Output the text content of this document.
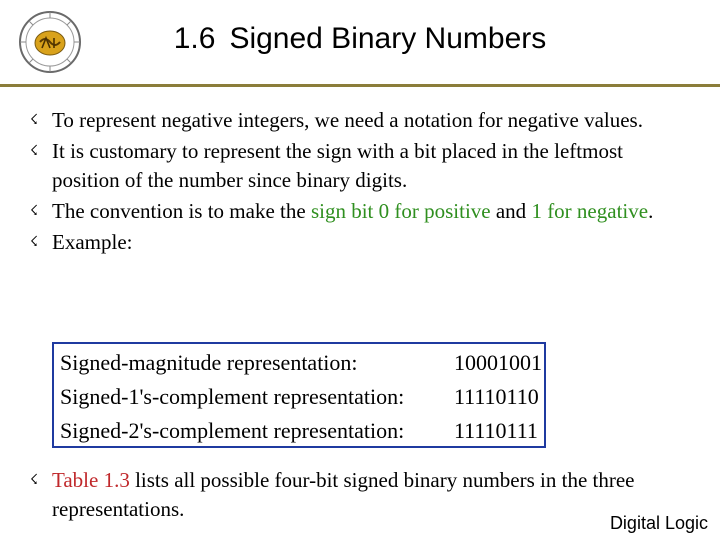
1.6 Signed Binary Numbers
☇ To represent negative integers, we need a notation for negative values.
☇ It is customary to represent the sign with a bit placed in the leftmost position of the number since binary digits.
☇ The convention is to make the sign bit 0 for positive and 1 for negative.
☇ Example:
Signed-magnitude representation:	10001001
Signed-1's-complement representation: 11110110
Signed-2's-complement representation: 11110111
☇ Table 1.3 lists all possible four-bit signed binary numbers in the three representations.
Digital Logic
